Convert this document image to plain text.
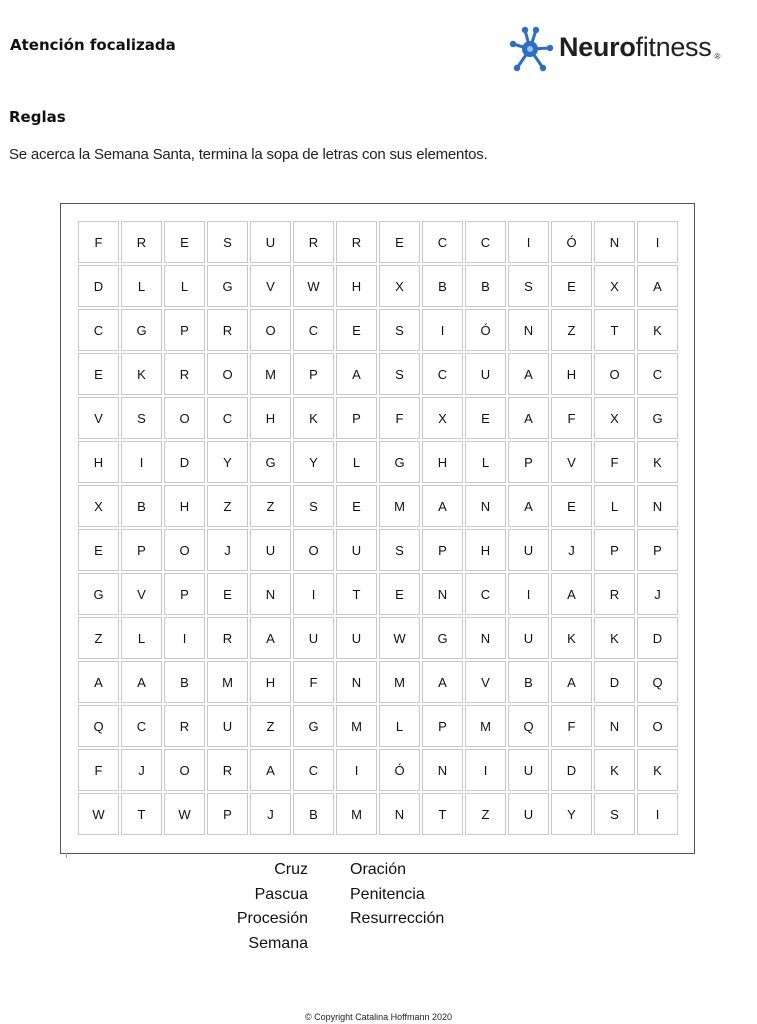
Atención focalizada	Neurofitness ®
Reglas
Se acerca la Semana Santa, termina la sopa de letras con sus elementos.
F	R	E	S	U	R	R	E	C	C	I	Ó	N	I
D	L	L	G	V	W	H	X	B	B	S	E	X	A
C	G	P	R	O	C	E	S	I	Ó	N	Z	T	K
E	K	R	O	M	P	A	S	C	U	A	H	O	C
V	S	O	C	H	K	P	F	X	E	A	F	X	G
H	I	D	Y	G	Y	L	G	H	L	P	V	F	K
X	B	H	Z	Z	S	E	M	A	N	A	E	L	N
E	P	O	J	U	O	U	S	P	H	U	J	P	P
G	V	P	E	N	I	T	E	N	C	I	A	R	J
Z	L	I	R	A	U	U	W	G	N	U	K	K	D
A	A	B	M	H	F	N	M	A	V	B	A	D	Q
Q	C	R	U	Z	G	M	L	P	M	Q	F	N	O
F	J	O	R	A	C	I	Ó	N	I	U	D	K	K
W	T	W	P	J	B	M	N	T	Z	U	Y	S	I
Cruz
Pascua
Procesión
Semana
Oración
Penitencia
Resurrección
© Copyright Catalina Hoffmann 2020
